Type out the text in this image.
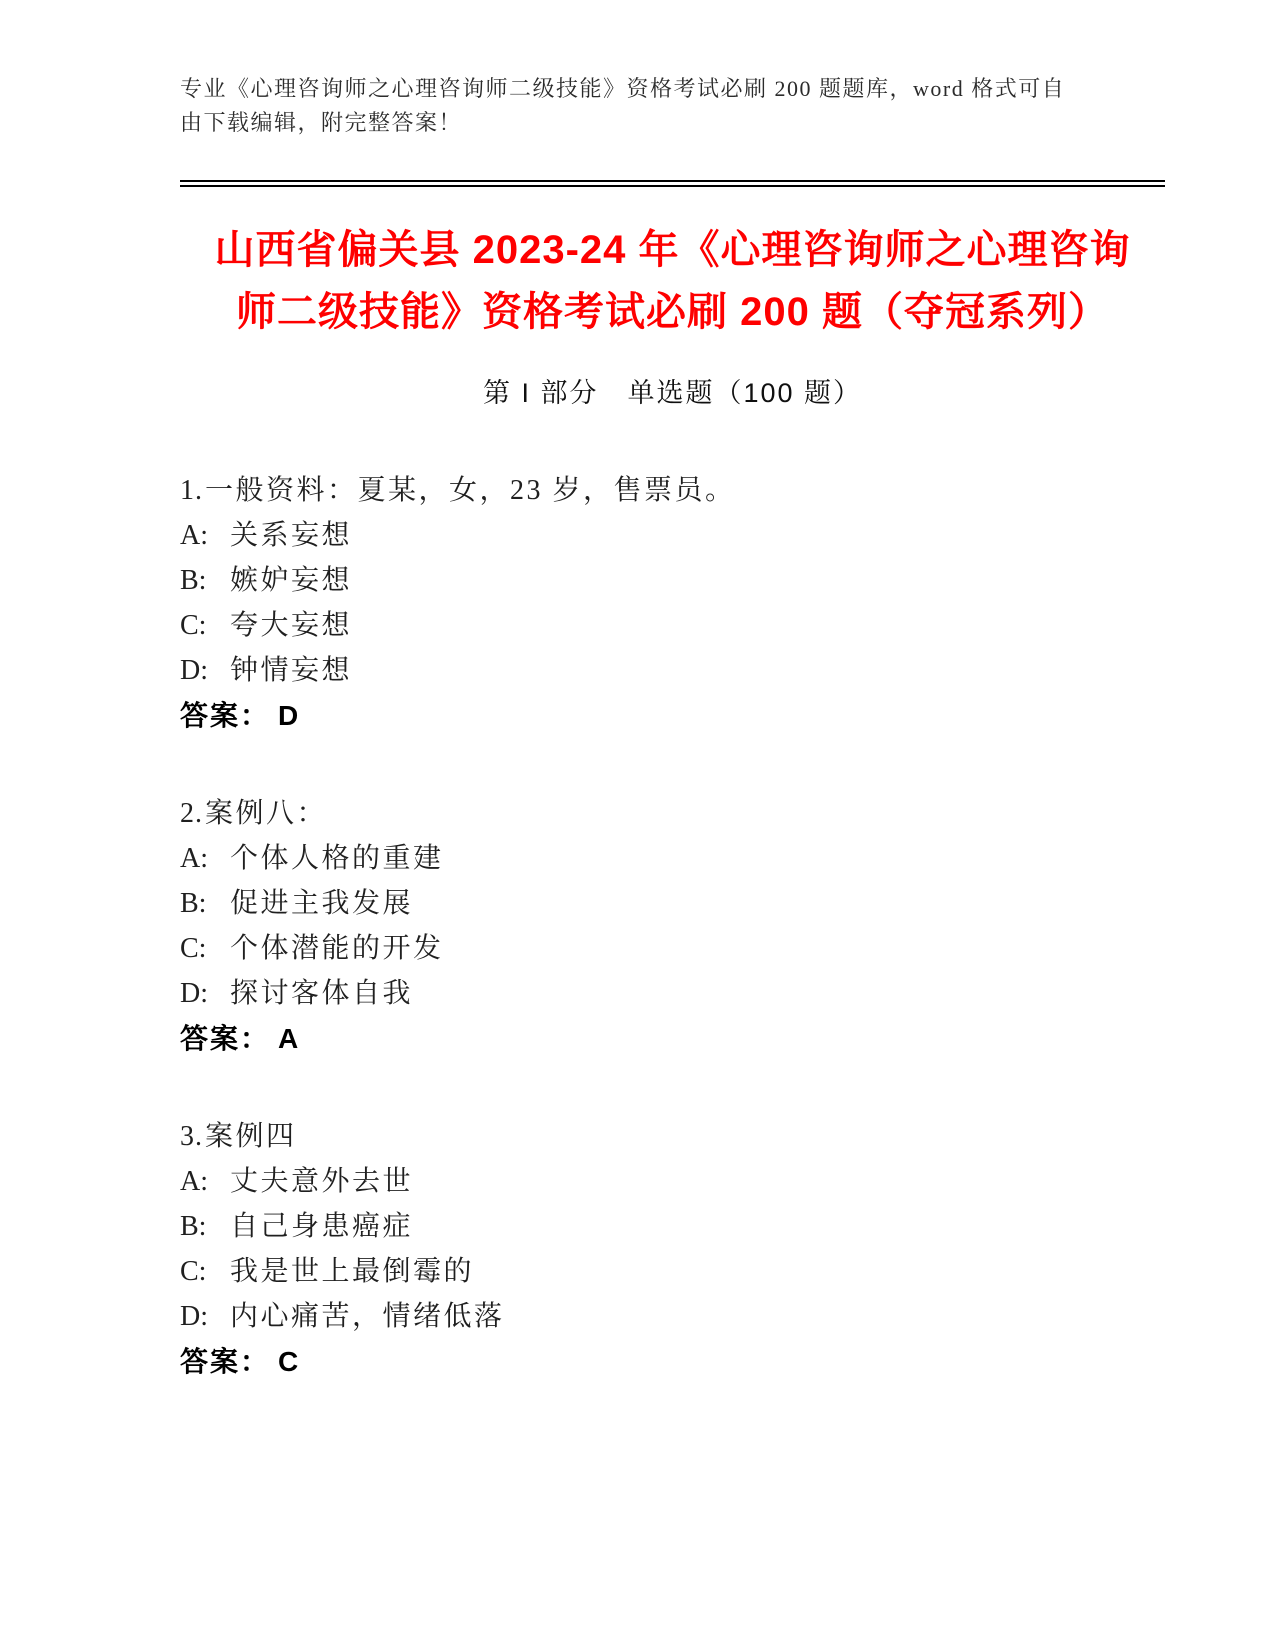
专业《心理咨询师之心理咨询师二级技能》资格考试必刷 200 题题库，word 格式可自由下载编辑，附完整答案！

山西省偏关县 2023-24 年《心理咨询师之心理咨询师二级技能》资格考试必刷 200 题（夺冠系列）
第 I 部分　单选题（100 题）
1.一般资料：夏某，女，23 岁，售票员。
A: 关系妄想
B: 嫉妒妄想
C: 夸大妄想
D: 钟情妄想
答案： D
2.案例八：
A: 个体人格的重建
B: 促进主我发展
C: 个体潜能的开发
D: 探讨客体自我
答案： A
3.案例四
A: 丈夫意外去世
B: 自己身患癌症
C: 我是世上最倒霉的
D: 内心痛苦，情绪低落
答案： C
